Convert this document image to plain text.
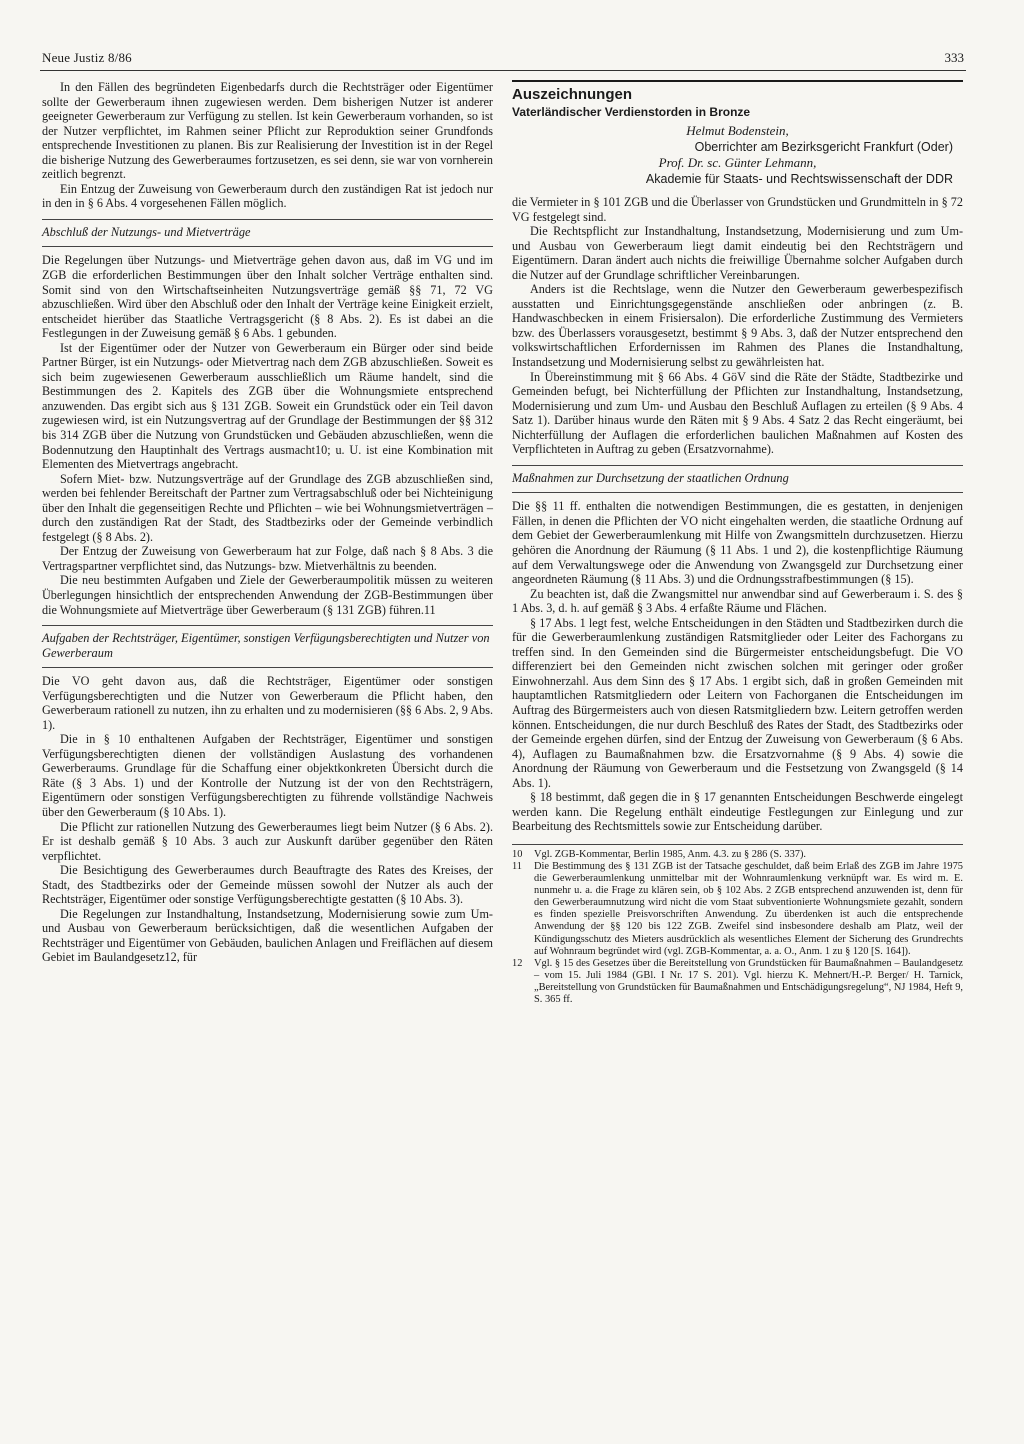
Neue Justiz 8/86	333

In den Fällen des begründeten Eigenbedarfs durch die Rechtsträger oder Eigentümer sollte der Gewerberaum ihnen zugewiesen werden. Dem bisherigen Nutzer ist anderer geeigneter Gewerberaum zur Verfügung zu stellen. Ist kein Gewerberaum vorhanden, so ist der Nutzer verpflichtet, im Rahmen seiner Pflicht zur Reproduktion seiner Grundfonds entsprechende Investitionen zu planen. Bis zur Realisierung der Investition ist in der Regel die bisherige Nutzung des Gewerberaumes fortzusetzen, es sei denn, sie war von vornherein zeitlich begrenzt.

Ein Entzug der Zuweisung von Gewerberaum durch den zuständigen Rat ist jedoch nur in den in § 6 Abs. 4 vorgesehenen Fällen möglich.

Abschluß der Nutzungs- und Mietverträge

Die Regelungen über Nutzungs- und Mietverträge gehen davon aus, daß im VG und im ZGB die erforderlichen Bestimmungen über den Inhalt solcher Verträge enthalten sind. Somit sind von den Wirtschaftseinheiten Nutzungsverträge gemäß §§ 71, 72 VG abzuschließen. Wird über den Abschluß oder den Inhalt der Verträge keine Einigkeit erzielt, entscheidet hierüber das Staatliche Vertragsgericht (§ 8 Abs. 2). Es ist dabei an die Festlegungen in der Zuweisung gemäß § 6 Abs. 1 gebunden.

Ist der Eigentümer oder der Nutzer von Gewerberaum ein Bürger oder sind beide Partner Bürger, ist ein Nutzungs- oder Mietvertrag nach dem ZGB abzuschließen. Soweit es sich beim zugewiesenen Gewerberaum ausschließlich um Räume handelt, sind die Bestimmungen des 2. Kapitels des ZGB über die Wohnungsmiete entsprechend anzuwenden. Das ergibt sich aus § 131 ZGB. Soweit ein Grundstück oder ein Teil davon zugewiesen wird, ist ein Nutzungsvertrag auf der Grundlage der Bestimmungen der §§ 312 bis 314 ZGB über die Nutzung von Grundstücken und Gebäuden abzuschließen, wenn die Bodennutzung den Hauptinhalt des Vertrags ausmacht10; u. U. ist eine Kombination mit Elementen des Mietvertrags angebracht.

Sofern Miet- bzw. Nutzungsverträge auf der Grundlage des ZGB abzuschließen sind, werden bei fehlender Bereitschaft der Partner zum Vertragsabschluß oder bei Nichteinigung über den Inhalt die gegenseitigen Rechte und Pflichten – wie bei Wohnungsmietverträgen – durch den zuständigen Rat der Stadt, des Stadtbezirks oder der Gemeinde verbindlich festgelegt (§ 8 Abs. 2).

Der Entzug der Zuweisung von Gewerberaum hat zur Folge, daß nach § 8 Abs. 3 die Vertragspartner verpflichtet sind, das Nutzungs- bzw. Mietverhältnis zu beenden.

Die neu bestimmten Aufgaben und Ziele der Gewerberaumpolitik müssen zu weiteren Überlegungen hinsichtlich der entsprechenden Anwendung der ZGB-Bestimmungen über die Wohnungsmiete auf Mietverträge über Gewerberaum (§ 131 ZGB) führen.11

Aufgaben der Rechtsträger, Eigentümer, sonstigen Verfügungsberechtigten und Nutzer von Gewerberaum

Die VO geht davon aus, daß die Rechtsträger, Eigentümer oder sonstigen Verfügungsberechtigten und die Nutzer von Gewerberaum die Pflicht haben, den Gewerberaum rationell zu nutzen, ihn zu erhalten und zu modernisieren (§§ 6 Abs. 2, 9 Abs. 1).

Die in § 10 enthaltenen Aufgaben der Rechtsträger, Eigentümer und sonstigen Verfügungsberechtigten dienen der vollständigen Auslastung des vorhandenen Gewerberaums. Grundlage für die Schaffung einer objektkonkreten Übersicht durch die Räte (§ 3 Abs. 1) und der Kontrolle der Nutzung ist der von den Rechtsträgern, Eigentümern oder sonstigen Verfügungsberechtigten zu führende vollständige Nachweis über den Gewerberaum (§ 10 Abs. 1).

Die Pflicht zur rationellen Nutzung des Gewerberaumes liegt beim Nutzer (§ 6 Abs. 2). Er ist deshalb gemäß § 10 Abs. 3 auch zur Auskunft darüber gegenüber den Räten verpflichtet.

Die Besichtigung des Gewerberaumes durch Beauftragte des Rates des Kreises, der Stadt, des Stadtbezirks oder der Gemeinde müssen sowohl der Nutzer als auch der Rechtsträger, Eigentümer oder sonstige Verfügungsberechtigte gestatten (§ 10 Abs. 3).

Die Regelungen zur Instandhaltung, Instandsetzung, Modernisierung sowie zum Um- und Ausbau von Gewerberaum berücksichtigen, daß die wesentlichen Aufgaben der Rechtsträger und Eigentümer von Gebäuden, baulichen Anlagen und Freiflächen auf diesem Gebiet im Baulandgesetz12, für

Auszeichnungen
Vaterländischer Verdienstorden in Bronze
Helmut Bodenstein,
Oberrichter am Bezirksgericht Frankfurt (Oder)
Prof. Dr. sc. Günter Lehmann,
Akademie für Staats- und Rechtswissenschaft der DDR

die Vermieter in § 101 ZGB und die Überlasser von Grundstücken und Grundmitteln in § 72 VG festgelegt sind.

Die Rechtspflicht zur Instandhaltung, Instandsetzung, Modernisierung und zum Um- und Ausbau von Gewerberaum liegt damit eindeutig bei den Rechtsträgern und Eigentümern. Daran ändert auch nichts die freiwillige Übernahme solcher Aufgaben durch die Nutzer auf der Grundlage schriftlicher Vereinbarungen.

Anders ist die Rechtslage, wenn die Nutzer den Gewerberaum gewerbespezifisch ausstatten und Einrichtungsgegenstände anschließen oder anbringen (z. B. Handwaschbecken in einem Frisiersalon). Die erforderliche Zustimmung des Vermieters bzw. des Überlassers vorausgesetzt, bestimmt § 9 Abs. 3, daß der Nutzer entsprechend den volkswirtschaftlichen Erfordernissen im Rahmen des Planes die Instandhaltung, Instandsetzung und Modernisierung selbst zu gewährleisten hat.

In Übereinstimmung mit § 66 Abs. 4 GöV sind die Räte der Städte, Stadtbezirke und Gemeinden befugt, bei Nichterfüllung der Pflichten zur Instandhaltung, Instandsetzung, Modernisierung und zum Um- und Ausbau den Beschluß Auflagen zu erteilen (§ 9 Abs. 4 Satz 1). Darüber hinaus wurde den Räten mit § 9 Abs. 4 Satz 2 das Recht eingeräumt, bei Nichterfüllung der Auflagen die erforderlichen baulichen Maßnahmen auf Kosten des Verpflichteten in Auftrag zu geben (Ersatzvornahme).

Maßnahmen zur Durchsetzung der staatlichen Ordnung

Die §§ 11 ff. enthalten die notwendigen Bestimmungen, die es gestatten, in denjenigen Fällen, in denen die Pflichten der VO nicht eingehalten werden, die staatliche Ordnung auf dem Gebiet der Gewerberaumlenkung mit Hilfe von Zwangsmitteln durchzusetzen. Hierzu gehören die Anordnung der Räumung (§ 11 Abs. 1 und 2), die kostenpflichtige Räumung auf dem Verwaltungswege oder die Anwendung von Zwangsgeld zur Durchsetzung einer angeordneten Räumung (§ 11 Abs. 3) und die Ordnungsstrafbestimmungen (§ 15).

Zu beachten ist, daß die Zwangsmittel nur anwendbar sind auf Gewerberaum i. S. des § 1 Abs. 3, d. h. auf gemäß § 3 Abs. 4 erfaßte Räume und Flächen.

§ 17 Abs. 1 legt fest, welche Entscheidungen in den Städten und Stadtbezirken durch die für die Gewerberaumlenkung zuständigen Ratsmitglieder oder Leiter des Fachorgans zu treffen sind. In den Gemeinden sind die Bürgermeister entscheidungsbefugt. Die VO differenziert bei den Gemeinden nicht zwischen solchen mit geringer oder großer Einwohnerzahl. Aus dem Sinn des § 17 Abs. 1 ergibt sich, daß in großen Gemeinden mit hauptamtlichen Ratsmitgliedern oder Leitern von Fachorganen die Entscheidungen im Auftrag des Bürgermeisters auch von diesen Ratsmitgliedern bzw. Leitern getroffen werden können. Entscheidungen, die nur durch Beschluß des Rates der Stadt, des Stadtbezirks oder der Gemeinde ergehen dürfen, sind der Entzug der Zuweisung von Gewerberaum (§ 6 Abs. 4), Auflagen zu Baumaßnahmen bzw. die Ersatzvornahme (§ 9 Abs. 4) sowie die Anordnung der Räumung von Gewerberaum und die Festsetzung von Zwangsgeld (§ 14 Abs. 1).

§ 18 bestimmt, daß gegen die in § 17 genannten Entscheidungen Beschwerde eingelegt werden kann. Die Regelung enthält eindeutige Festlegungen zur Einlegung und zur Bearbeitung des Rechtsmittels sowie zur Entscheidung darüber.

10	Vgl. ZGB-Kommentar, Berlin 1985, Anm. 4.3. zu § 286 (S. 337).
11	Die Bestimmung des § 131 ZGB ist der Tatsache geschuldet, daß beim Erlaß des ZGB im Jahre 1975 die Gewerberaumlenkung unmittelbar mit der Wohnraumlenkung verknüpft war. Es wird m. E. nunmehr u. a. die Frage zu klären sein, ob § 102 Abs. 2 ZGB entsprechend anzuwenden ist, denn für den Gewerberaumnutzung wird nicht die vom Staat subventionierte Wohnungsmiete gezahlt, sondern es finden spezielle Preisvorschriften Anwendung. Zu überdenken ist auch die entsprechende Anwendung der §§ 120 bis 122 ZGB. Zweifel sind insbesondere deshalb am Platz, weil der Kündigungsschutz des Mieters ausdrücklich als wesentliches Element der Sicherung des Grundrechts auf Wohnraum begründet wird (vgl. ZGB-Kommentar, a. a. O., Anm. 1 zu § 120 [S. 164]).
12	Vgl. § 15 des Gesetzes über die Bereitstellung von Grundstücken für Baumaßnahmen – Baulandgesetz – vom 15. Juli 1984 (GBl. I Nr. 17 S. 201). Vgl. hierzu K. Mehnert/H.-P. Berger/ H. Tarnick, „Bereitstellung von Grundstücken für Baumaßnahmen und Entschädigungsregelung“, NJ 1984, Heft 9, S. 365 ff.
